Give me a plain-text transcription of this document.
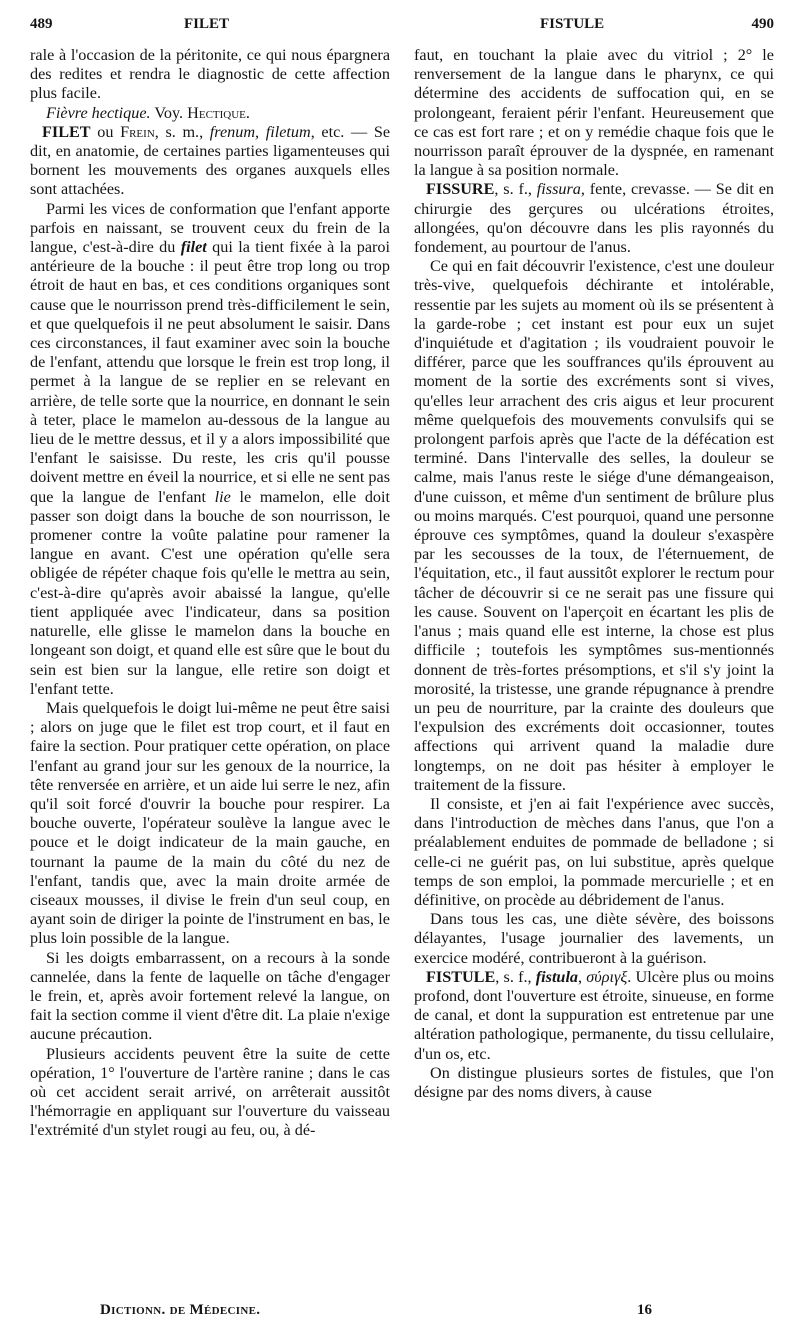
489	FILET	FISTULE	490

rale à l'occasion de la péritonite, ce qui nous épargnera des redites et rendra le diagnostic de cette affection plus facile.

Fièvre hectique. Voy. Hectique.

FILET ou Frein, s. m., frenum, filetum, etc. — Se dit, en anatomie, de certaines parties ligamenteuses qui bornent les mouvements des organes auxquels elles sont attachées.

Parmi les vices de conformation que l'enfant apporte parfois en naissant, se trouvent ceux du frein de la langue, c'est-à-dire du filet qui la tient fixée à la paroi antérieure de la bouche : il peut être trop long ou trop étroit de haut en bas, et ces conditions organiques sont cause que le nourrisson prend très-difficilement le sein, et que quelquefois il ne peut absolument le saisir. Dans ces circonstances, il faut examiner avec soin la bouche de l'enfant, attendu que lorsque le frein est trop long, il permet à la langue de se replier en se relevant en arrière, de telle sorte que la nourrice, en donnant le sein à teter, place le mamelon au-dessous de la langue au lieu de le mettre dessus, et il y a alors impossibilité que l'enfant le saisisse. Du reste, les cris qu'il pousse doivent mettre en éveil la nourrice, et si elle ne sent pas que la langue de l'enfant lie le mamelon, elle doit passer son doigt dans la bouche de son nourrisson, le promener contre la voûte palatine pour ramener la langue en avant. C'est une opération qu'elle sera obligée de répéter chaque fois qu'elle le mettra au sein, c'est-à-dire qu'après avoir abaissé la langue, qu'elle tient appliquée avec l'indicateur, dans sa position naturelle, elle glisse le mamelon dans la bouche en longeant son doigt, et quand elle est sûre que le bout du sein est bien sur la langue, elle retire son doigt et l'enfant tette.

Mais quelquefois le doigt lui-même ne peut être saisi ; alors on juge que le filet est trop court, et il faut en faire la section. Pour pratiquer cette opération, on place l'enfant au grand jour sur les genoux de la nourrice, la tête renversée en arrière, et un aide lui serre le nez, afin qu'il soit forcé d'ouvrir la bouche pour respirer. La bouche ouverte, l'opérateur soulève la langue avec le pouce et le doigt indicateur de la main gauche, en tournant la paume de la main du côté du nez de l'enfant, tandis que, avec la main droite armée de ciseaux mousses, il divise le frein d'un seul coup, en ayant soin de diriger la pointe de l'instrument en bas, le plus loin possible de la langue.

Si les doigts embarrassent, on a recours à la sonde cannelée, dans la fente de laquelle on tâche d'engager le frein, et, après avoir fortement relevé la langue, on fait la section comme il vient d'être dit. La plaie n'exige aucune précaution.

Plusieurs accidents peuvent être la suite de cette opération, 1° l'ouverture de l'artère ranine ; dans le cas où cet accident serait arrivé, on arrêterait aussitôt l'hémorragie en appliquant sur l'ouverture du vaisseau l'extrémité d'un stylet rougi au feu, ou, à dé-

faut, en touchant la plaie avec du vitriol ; 2° le renversement de la langue dans le pharynx, ce qui détermine des accidents de suffocation qui, en se prolongeant, feraient périr l'enfant. Heureusement que ce cas est fort rare ; et on y remédie chaque fois que le nourrisson paraît éprouver de la dyspnée, en ramenant la langue à sa position normale.

FISSURE, s. f., fissura, fente, crevasse. — Se dit en chirurgie des gerçures ou ulcérations étroites, allongées, qu'on découvre dans les plis rayonnés du fondement, au pourtour de l'anus.

Ce qui en fait découvrir l'existence, c'est une douleur très-vive, quelquefois déchirante et intolérable, ressentie par les sujets au moment où ils se présentent à la garde-robe ; cet instant est pour eux un sujet d'inquiétude et d'agitation ; ils voudraient pouvoir le différer, parce que les souffrances qu'ils éprouvent au moment de la sortie des excréments sont si vives, qu'elles leur arrachent des cris aigus et leur procurent même quelquefois des mouvements convulsifs qui se prolongent parfois après que l'acte de la défécation est terminé. Dans l'intervalle des selles, la douleur se calme, mais l'anus reste le siége d'une démangeaison, d'une cuisson, et même d'un sentiment de brûlure plus ou moins marqués. C'est pourquoi, quand une personne éprouve ces symptômes, quand la douleur s'exaspère par les secousses de la toux, de l'éternuement, de l'équitation, etc., il faut aussitôt explorer le rectum pour tâcher de découvrir si ce ne serait pas une fissure qui les cause. Souvent on l'aperçoit en écartant les plis de l'anus ; mais quand elle est interne, la chose est plus difficile ; toutefois les symptômes sus-mentionnés donnent de très-fortes présomptions, et s'il s'y joint la morosité, la tristesse, une grande répugnance à prendre un peu de nourriture, par la crainte des douleurs que l'expulsion des excréments doit occasionner, toutes affections qui arrivent quand la maladie dure longtemps, on ne doit pas hésiter à employer le traitement de la fissure.

Il consiste, et j'en ai fait l'expérience avec succès, dans l'introduction de mèches dans l'anus, que l'on a préalablement enduites de pommade de belladone ; si celle-ci ne guérit pas, on lui substitue, après quelque temps de son emploi, la pommade mercurielle ; et en définitive, on procède au débridement de l'anus.

Dans tous les cas, une diète sévère, des boissons délayantes, l'usage journalier des lavements, un exercice modéré, contribueront à la guérison.

FISTULE, s. f., fistula, σύριγξ. Ulcère plus ou moins profond, dont l'ouverture est étroite, sinueuse, en forme de canal, et dont la suppuration est entretenue par une altération pathologique, permanente, du tissu cellulaire, d'un os, etc.

On distingue plusieurs sortes de fistules, que l'on désigne par des noms divers, à cause

Dictionn. de Médecine.	16
